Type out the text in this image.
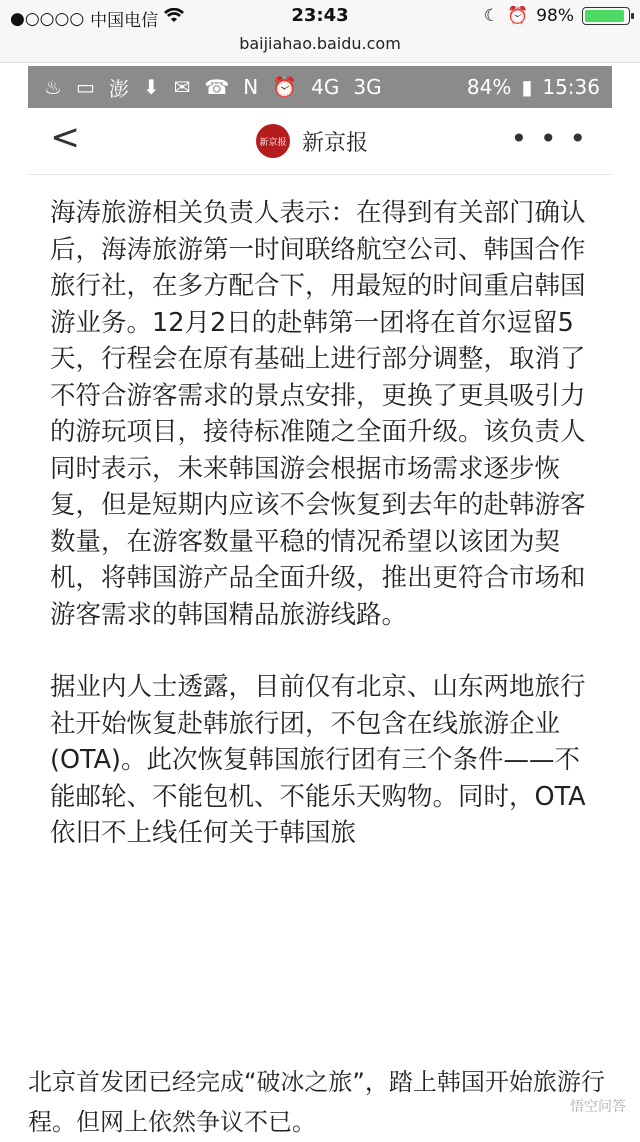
●○○○○ 中国电信	23:43	☾ ⏰ 98%
baijiahao.baidu.com
♨ ▭ 澎 ⬇ ✉ ☎ N ⏰ 4G 3G	84% ▮ 15:36
<	新京报 新京报	• • •

海涛旅游相关负责人表示：在得到有关部门确认后，海涛旅游第一时间联络航空公司、韩国合作旅行社，在多方配合下，用最短的时间重启韩国游业务。12月2日的赴韩第一团将在首尔逗留5天，行程会在原有基础上进行部分调整，取消了不符合游客需求的景点安排，更换了更具吸引力的游玩项目，接待标准随之全面升级。该负责人同时表示，未来韩国游会根据市场需求逐步恢复，但是短期内应该不会恢复到去年的赴韩游客数量，在游客数量平稳的情况希望以该团为契机，将韩国游产品全面升级，推出更符合市场和游客需求的韩国精品旅游线路。

据业内人士透露，目前仅有北京、山东两地旅行社开始恢复赴韩旅行团，不包含在线旅游企业(OTA)。此次恢复韩国旅行团有三个条件——不能邮轮、不能包机、不能乐天购物。同时，OTA依旧不上线任何关于韩国旅

北京首发团已经完成“破冰之旅”，踏上韩国开始旅游行程。但网上依然争议不已。
悟空问答
